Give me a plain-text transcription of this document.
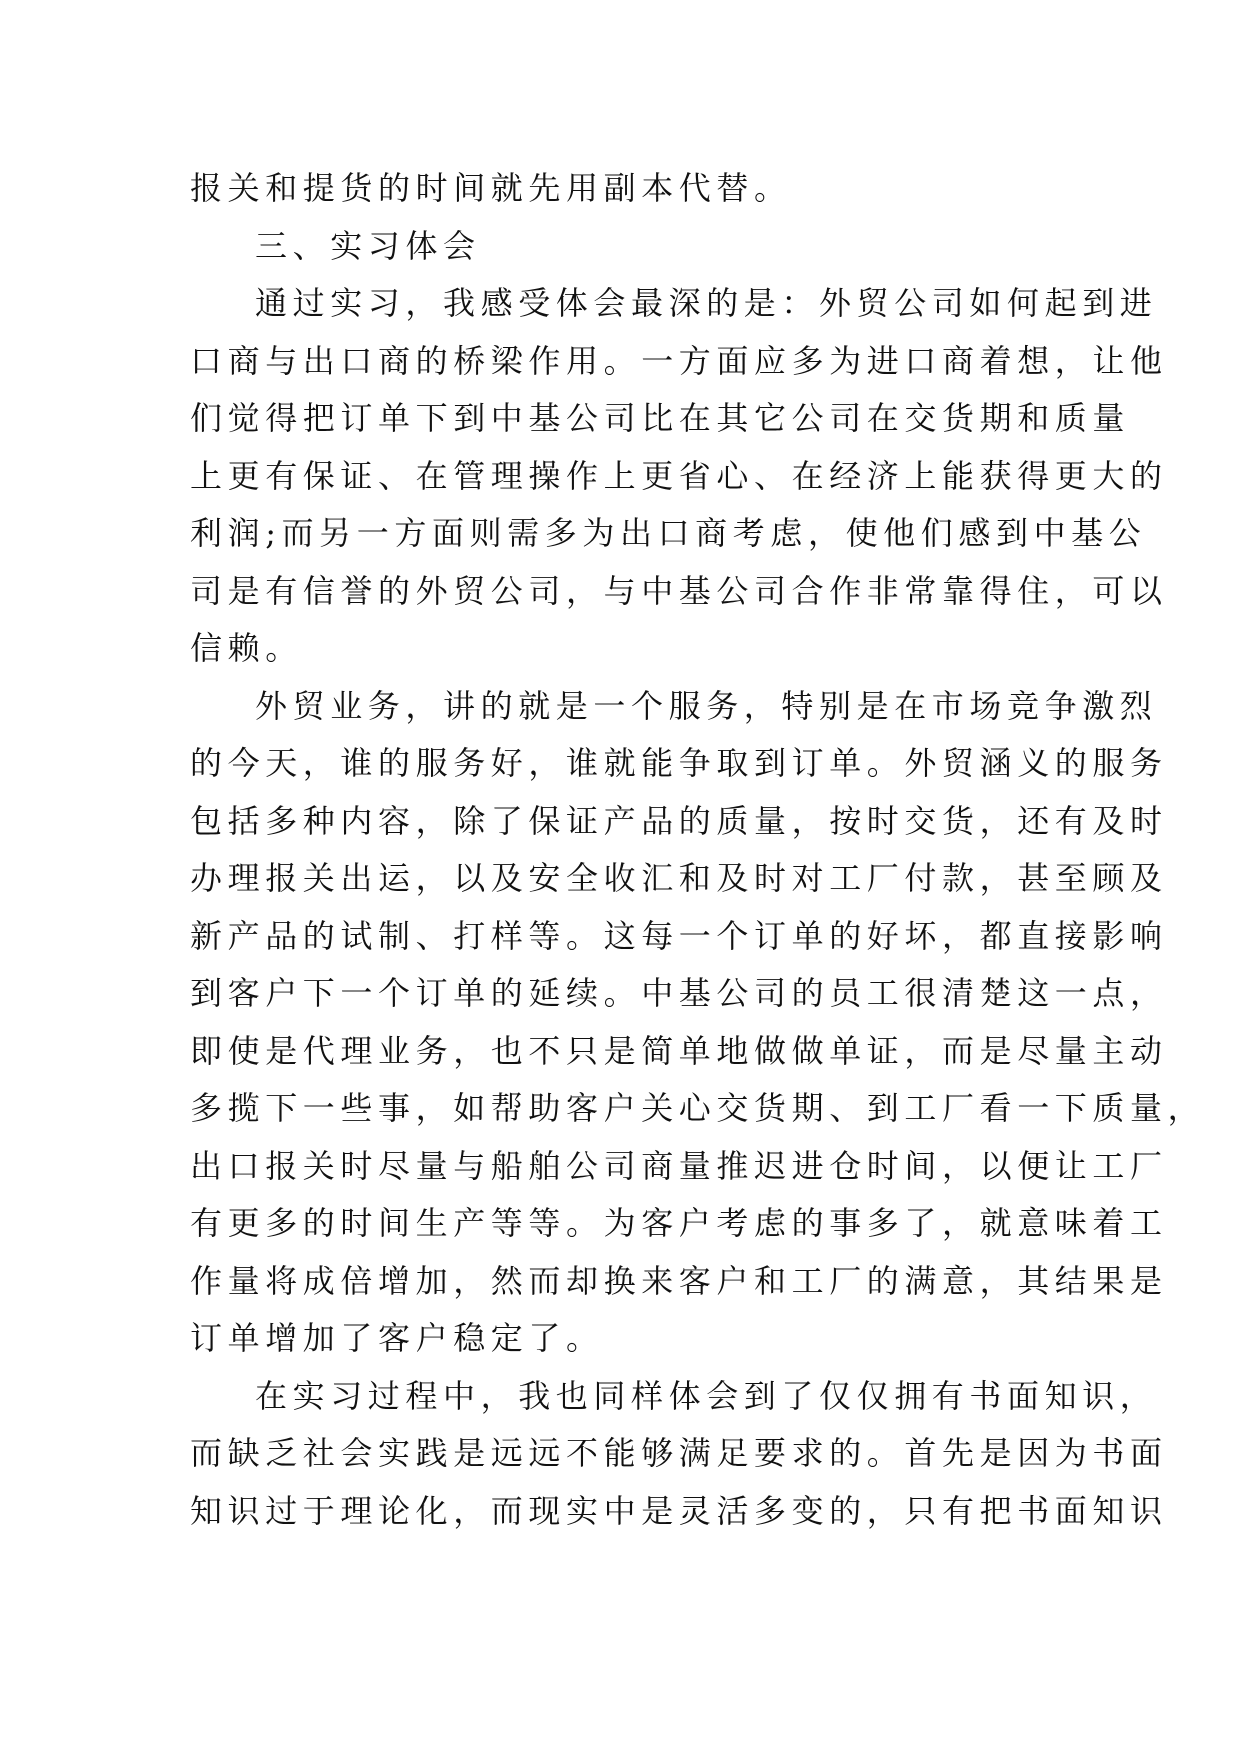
报关和提货的时间就先用副本代替。
三、实习体会
通过实习，我感受体会最深的是：外贸公司如何起到进
口商与出口商的桥梁作用。一方面应多为进口商着想，让他
们觉得把订单下到中基公司比在其它公司在交货期和质量
上更有保证、在管理操作上更省心、在经济上能获得更大的
利润;而另一方面则需多为出口商考虑，使他们感到中基公
司是有信誉的外贸公司，与中基公司合作非常靠得住，可以
信赖。
外贸业务，讲的就是一个服务，特别是在市场竞争激烈
的今天，谁的服务好，谁就能争取到订单。外贸涵义的服务
包括多种内容，除了保证产品的质量，按时交货，还有及时
办理报关出运，以及安全收汇和及时对工厂付款，甚至顾及
新产品的试制、打样等。这每一个订单的好坏，都直接影响
到客户下一个订单的延续。中基公司的员工很清楚这一点，
即使是代理业务，也不只是简单地做做单证，而是尽量主动
多揽下一些事，如帮助客户关心交货期、到工厂看一下质量，
出口报关时尽量与船舶公司商量推迟进仓时间，以便让工厂
有更多的时间生产等等。为客户考虑的事多了，就意味着工
作量将成倍增加，然而却换来客户和工厂的满意，其结果是
订单增加了客户稳定了。
在实习过程中，我也同样体会到了仅仅拥有书面知识，
而缺乏社会实践是远远不能够满足要求的。首先是因为书面
知识过于理论化，而现实中是灵活多变的，只有把书面知识
